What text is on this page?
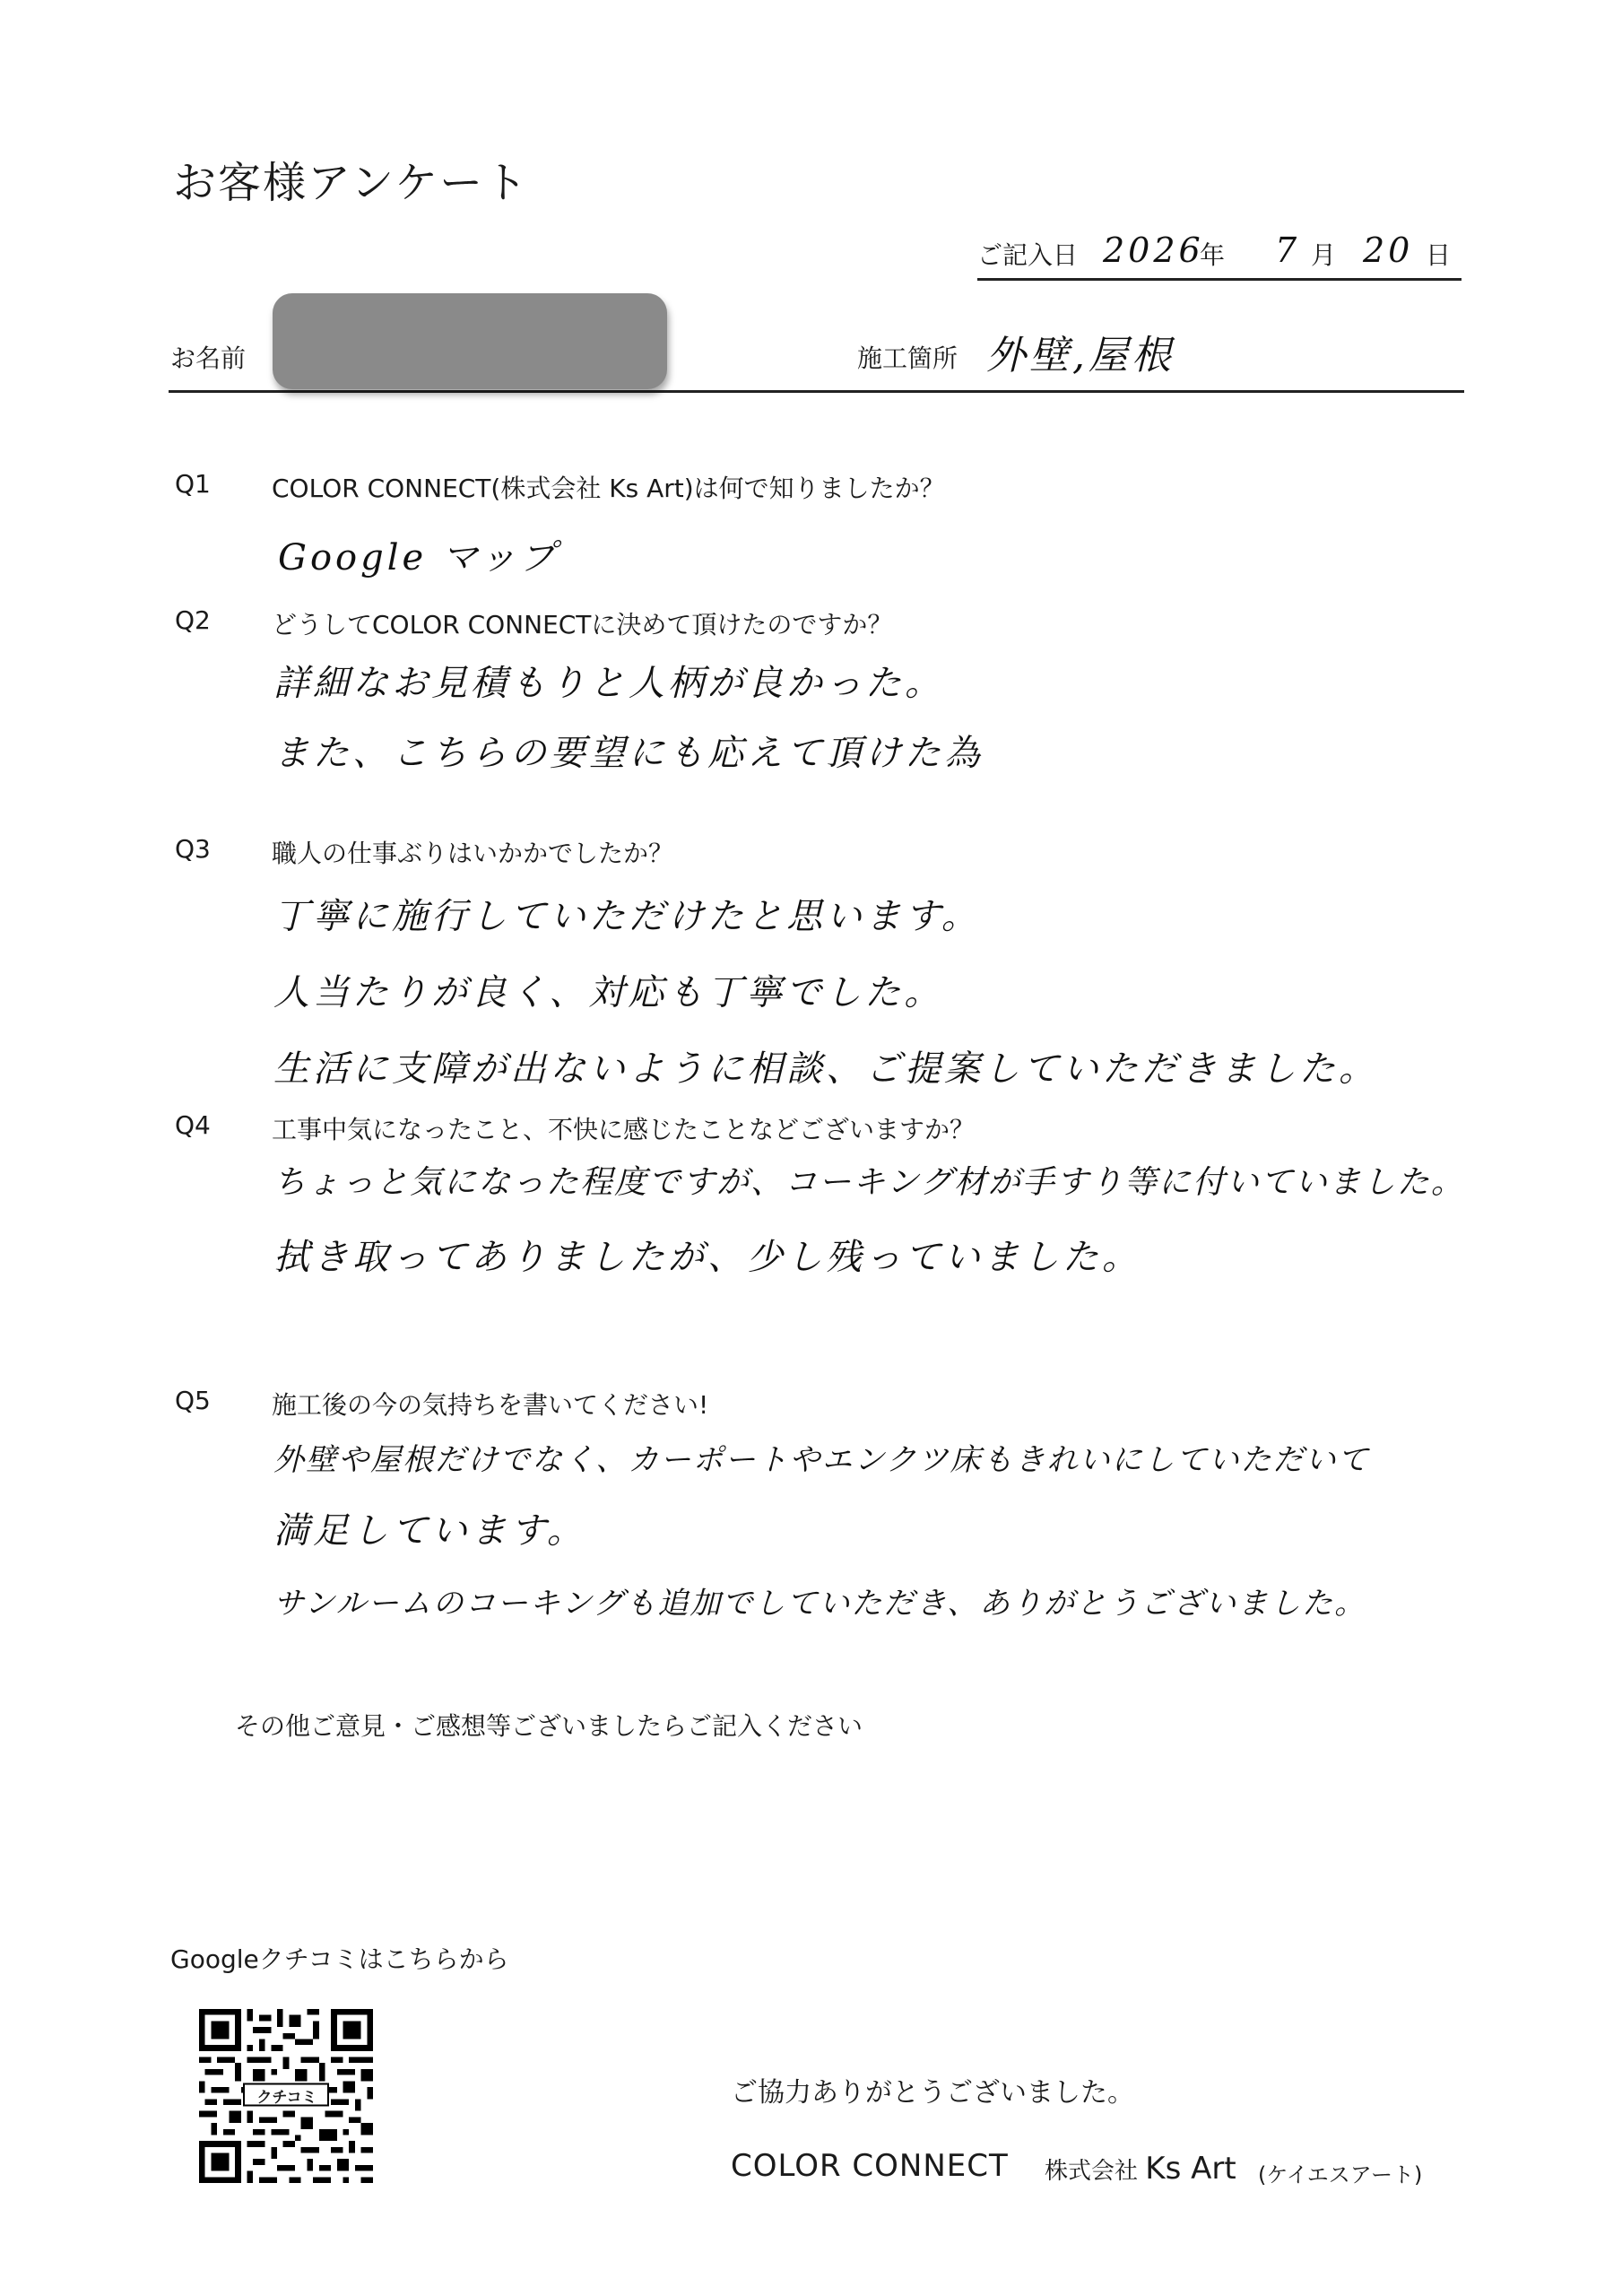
お客様アンケート
ご記入日 2026
年 7 月 20 日
お名前	施工箇所 外壁,屋根
Q1 COLOR CONNECT(株式会社 Ks Art)は何で知りましたか？
Google マップ
Q2 どうしてCOLOR CONNECTに決めて頂けたのですか？
詳細なお見積もりと人柄が良かった。
また、こちらの要望にも応えて頂けた為
Q3 職人の仕事ぶりはいかかでしたか？
丁寧に施行していただけたと思います。
人当たりが良く、対応も丁寧でした。
生活に支障が出ないように相談、ご提案していただきました。
Q4 工事中気になったこと、不快に感じたことなどございますか？
ちょっと気になった程度ですが、コーキング材が手すり等に付いていました。
拭き取ってありましたが、少し残っていました。
Q5 施工後の今の気持ちを書いてください!
外壁や屋根だけでなく、カーポートやエンクツ床もきれいにしていただいて
満足しています。
サンルームのコーキングも追加でしていただき、ありがとうございました。
その他ご意見・ご感想等ございましたらご記入ください
Googleクチコミはこちらから
クチコミ	ご協力ありがとうございました。
COLOR CONNECT 株式会社 Ks Art (ケイエスアート)
